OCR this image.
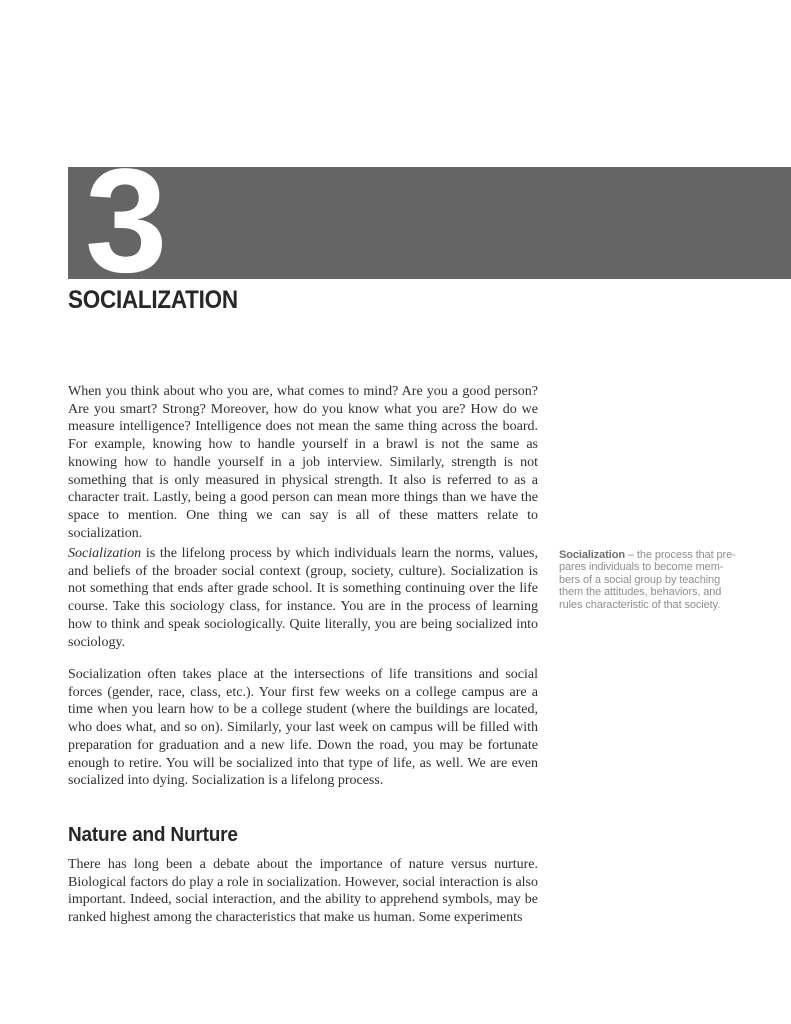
3
SOCIALIZATION

When you think about who you are, what comes to mind? Are you a good person? Are you smart? Strong? Moreover, how do you know what you are? How do we measure intelligence? Intelligence does not mean the same thing across the board. For example, knowing how to handle yourself in a brawl is not the same as knowing how to handle yourself in a job interview. Similarly, strength is not something that is only measured in physical strength. It also is referred to as a character trait. Lastly, being a good person can mean more things than we have the space to mention. One thing we can say is all of these matters relate to socialization.

Socialization is the lifelong process by which individuals learn the norms, values, and beliefs of the broader social context (group, society, culture). Socialization is not something that ends after grade school. It is something continuing over the life course. Take this sociology class, for instance. You are in the process of learning how to think and speak sociologically. Quite literally, you are being socialized into sociology.

Socialization often takes place at the intersections of life transitions and social forces (gender, race, class, etc.). Your first few weeks on a college campus are a time when you learn how to be a college student (where the buildings are located, who does what, and so on). Similarly, your last week on campus will be filled with preparation for graduation and a new life. Down the road, you may be fortunate enough to retire. You will be socialized into that type of life, as well. We are even socialized into dying. Socialization is a lifelong process.

Nature and Nurture

There has long been a debate about the importance of nature versus nurture. Biological factors do play a role in socialization. However, social interaction is also important. Indeed, social interaction, and the ability to apprehend symbols, may be ranked highest among the characteristics that make us human. Some experiments

Socialization – the process that pre-
pares individuals to become mem-
bers of a social group by teaching
them the attitudes, behaviors, and
rules characteristic of that society.
